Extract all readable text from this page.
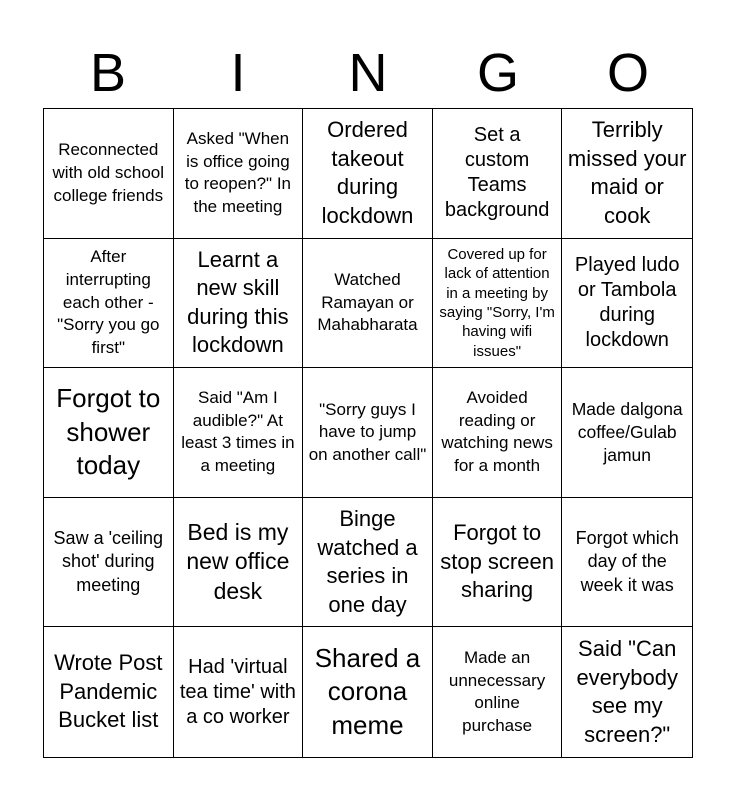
B	I	N	G	O
Reconnected with old school college friends
Asked "When is office going to reopen?" In the meeting
Ordered takeout during lockdown
Set a custom Teams background
Terribly missed your maid or cook
After interrupting each other - "Sorry you go first"
Learnt a new skill during this lockdown
Watched Ramayan or Mahabharata
Covered up for lack of attention in a meeting by saying "Sorry, I'm having wifi issues"
Played ludo or Tambola during lockdown
Forgot to shower today
Said "Am I audible?" At least 3 times in a meeting
"Sorry guys I have to jump on another call"
Avoided reading or watching news for a month
Made dalgona coffee/Gulab jamun
Saw a 'ceiling shot' during meeting
Bed is my new office desk
Binge watched a series in one day
Forgot to stop screen sharing
Forgot which day of the week it was
Wrote Post Pandemic Bucket list
Had 'virtual tea time' with a co worker
Shared a corona meme
Made an unnecessary online purchase
Said "Can everybody see my screen?"
